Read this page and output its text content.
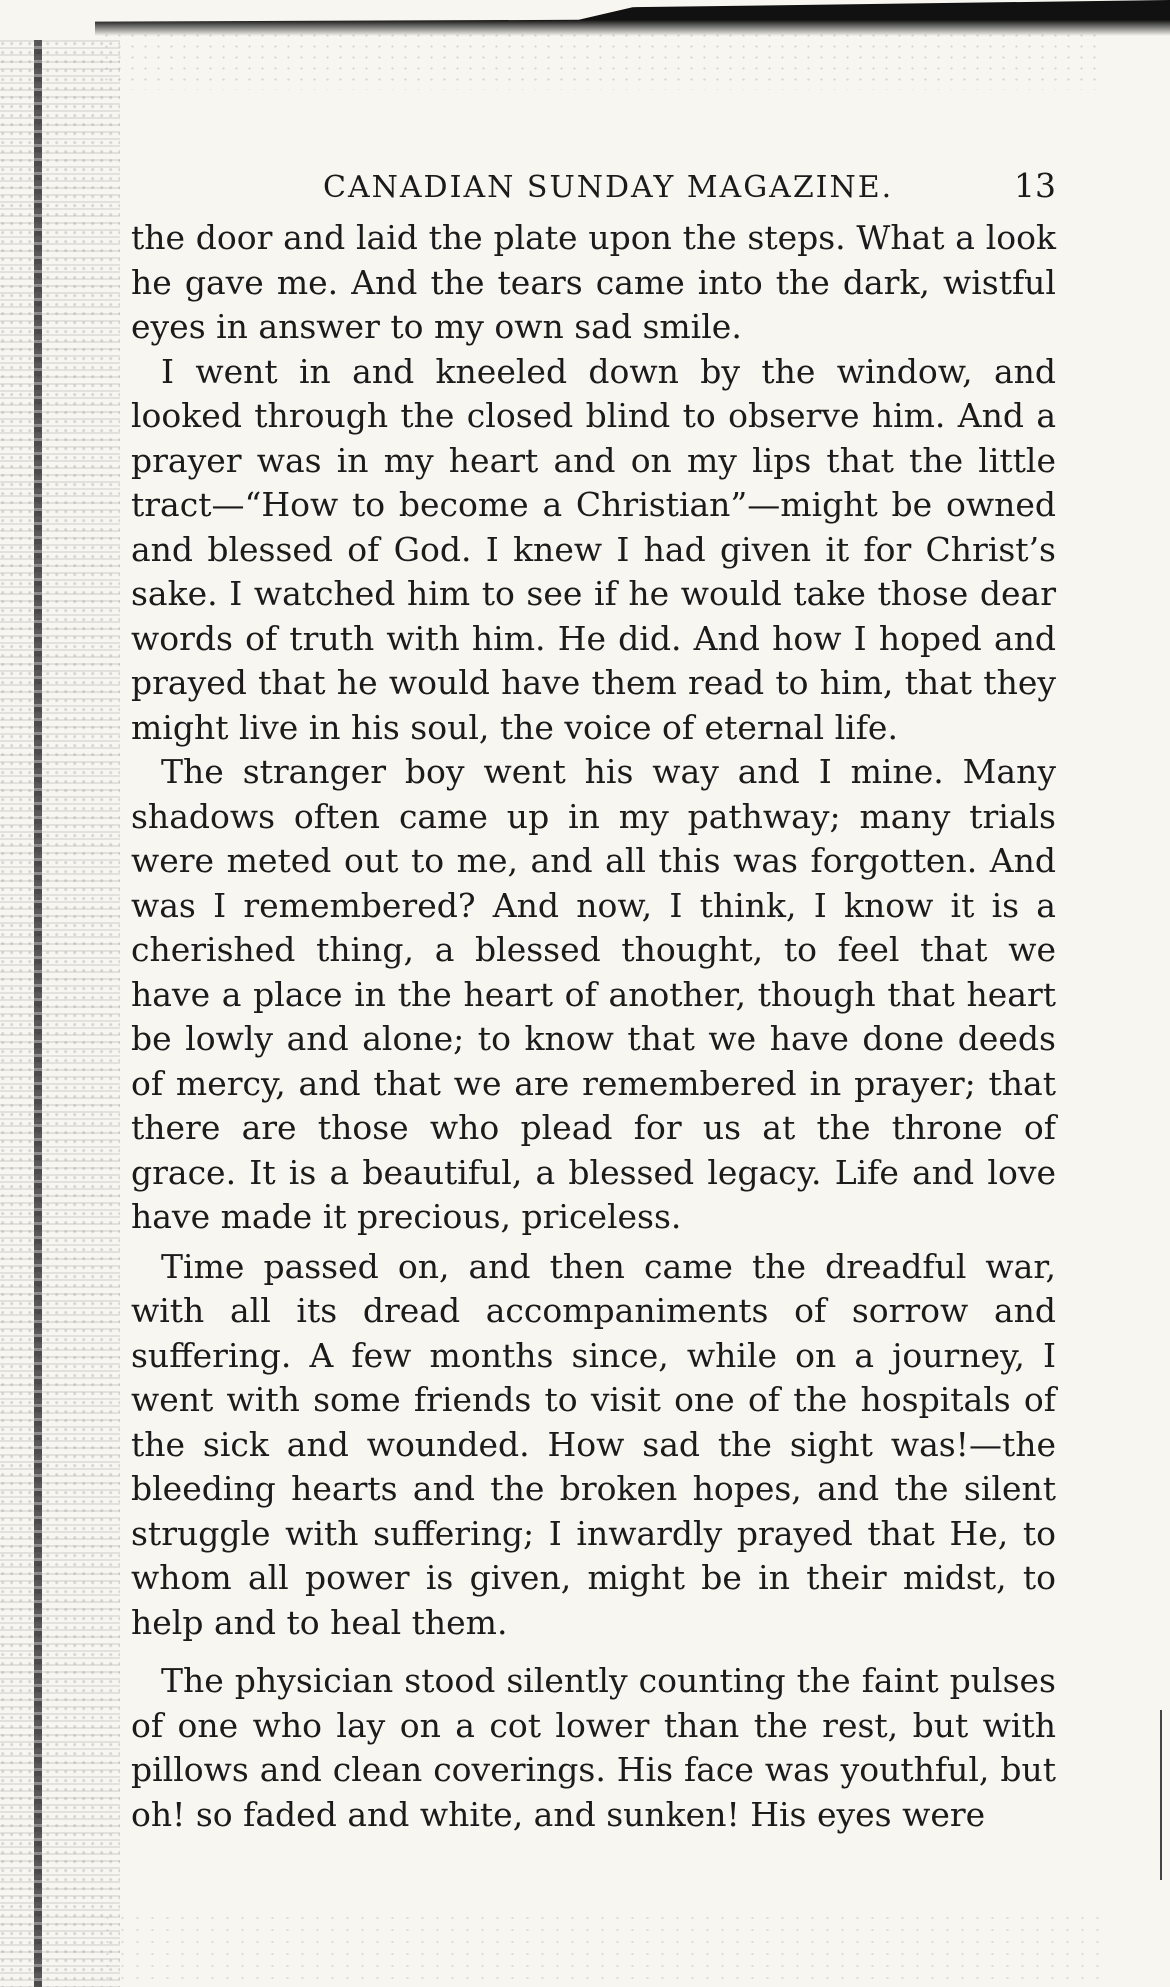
CANADIAN SUNDAY MAGAZINE.	13

the door and laid the plate upon the steps. What a look he gave me. And the tears came into the dark, wistful eyes in answer to my own sad smile.

I went in and kneeled down by the window, and looked through the closed blind to observe him. And a prayer was in my heart and on my lips that the little tract—“How to become a Christian”—might be owned and blessed of God. I knew I had given it for Christ’s sake. I watched him to see if he would take those dear words of truth with him. He did. And how I hoped and prayed that he would have them read to him, that they might live in his soul, the voice of eternal life.

The stranger boy went his way and I mine. Many shadows often came up in my pathway; many trials were meted out to me, and all this was forgotten. And was I remembered? And now, I think, I know it is a cherished thing, a blessed thought, to feel that we have a place in the heart of another, though that heart be lowly and alone; to know that we have done deeds of mercy, and that we are remembered in prayer; that there are those who plead for us at the throne of grace. It is a beautiful, a blessed legacy. Life and love have made it precious, priceless.

Time passed on, and then came the dreadful war, with all its dread accompaniments of sorrow and suffering. A few months since, while on a journey, I went with some friends to visit one of the hospitals of the sick and wounded. How sad the sight was!—the bleeding hearts and the broken hopes, and the silent struggle with suffering; I inwardly prayed that He, to whom all power is given, might be in their midst, to help and to heal them.

The physician stood silently counting the faint pulses of one who lay on a cot lower than the rest, but with pillows and clean coverings. His face was youthful, but oh! so faded and white, and sunken! His eyes were
